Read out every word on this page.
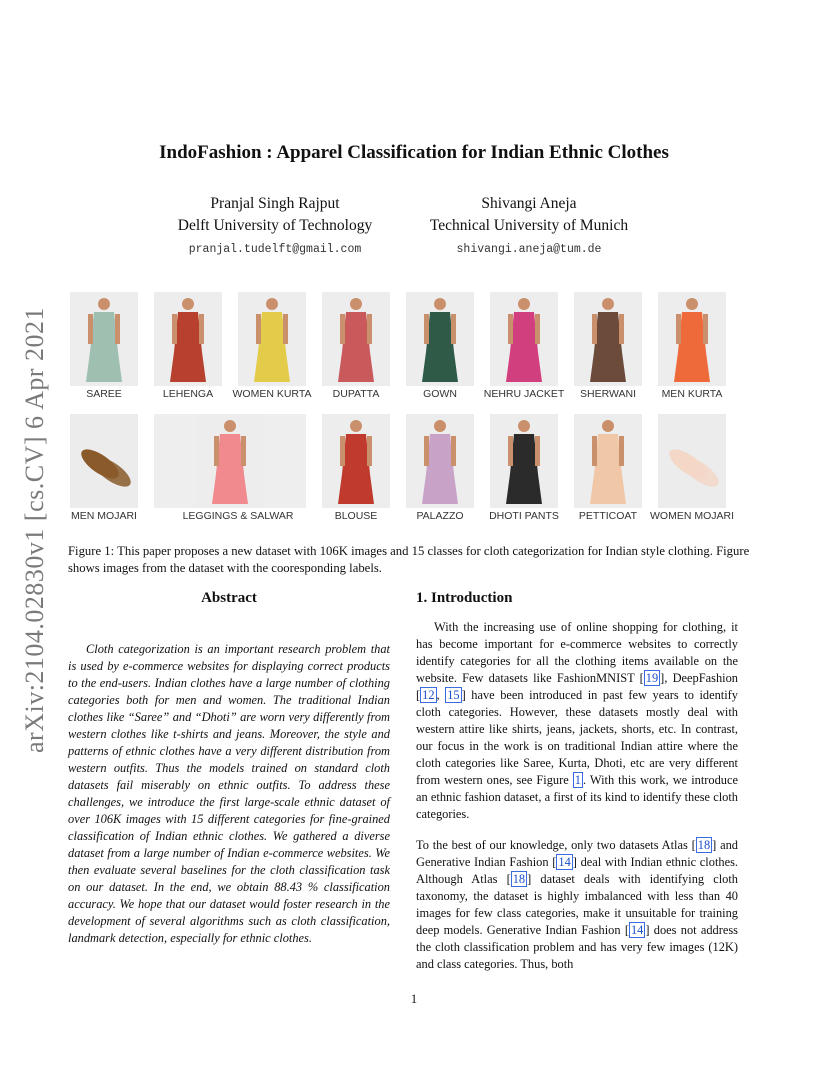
arXiv:2104.02830v1 [cs.CV] 6 Apr 2021
IndoFashion : Apparel Classification for Indian Ethnic Clothes
Pranjal Singh Rajput
Delft University of Technology
pranjal.tudelft@gmail.com
Shivangi Aneja
Technical University of Munich
shivangi.aneja@tum.de
SAREE	LEHENGA	WOMEN KURTA	DUPATTA	GOWN	NEHRU JACKET	SHERWANI	MEN KURTA
MEN MOJARI	LEGGINGS & SALWAR	BLOUSE	PALAZZO	DHOTI PANTS	PETTICOAT	WOMEN MOJARI
Figure 1: This paper proposes a new dataset with 106K images and 15 classes for cloth categorization for Indian style clothing. Figure shows images from the dataset with the cooresponding labels.
Abstract

Cloth categorization is an important research problem that is used by e-commerce websites for displaying correct products to the end-users. Indian clothes have a large number of clothing categories both for men and women. The traditional Indian clothes like “Saree” and “Dhoti” are worn very differently from western clothes like t-shirts and jeans. Moreover, the style and patterns of ethnic clothes have a very different distribution from western outfits. Thus the models trained on standard cloth datasets fail miserably on ethnic outfits. To address these challenges, we introduce the first large-scale ethnic dataset of over 106K images with 15 different categories for fine-grained classification of Indian ethnic clothes. We gathered a diverse dataset from a large number of Indian e-commerce websites. We then evaluate several baselines for the cloth classification task on our dataset. In the end, we obtain 88.43 % classification accuracy. We hope that our dataset would foster research in the development of several algorithms such as cloth classification, landmark detection, especially for ethnic clothes.

1. Introduction

With the increasing use of online shopping for clothing, it has become important for e-commerce websites to correctly identify categories for all the clothing items available on the website. Few datasets like FashionMNIST [ 19 ], DeepFashion [ 12 , 15 ] have been introduced in past few years to identify cloth categories. However, these datasets mostly deal with western attire like shirts, jeans, jackets, shorts, etc. In contrast, our focus in the work is on traditional Indian attire where the cloth categories like Saree, Kurta, Dhoti, etc are very different from western ones, see Figure 1 . With this work, we introduce an ethnic fashion dataset, a first of its kind to identify these cloth categories.

To the best of our knowledge, only two datasets Atlas [ 18 ] and Generative Indian Fashion [ 14 ] deal with Indian ethnic clothes. Although Atlas [ 18 ] dataset deals with identifying cloth taxonomy, the dataset is highly imbalanced with less than 40 images for few class categories, make it unsuitable for training deep models. Generative Indian Fashion [ 14 ] does not address the cloth classification problem and has very few images (12K) and class categories. Thus, both

1
